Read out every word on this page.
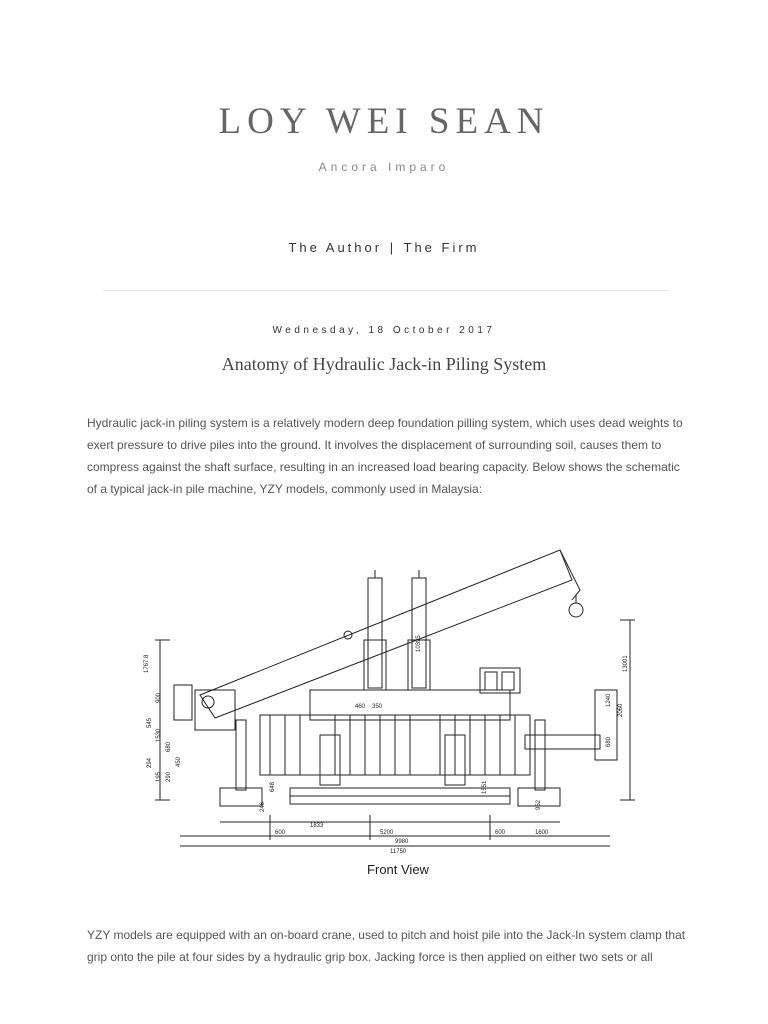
LOY WEI SEAN
Ancora Imparo
The Author | The Firm
Wednesday, 18 October 2017
Anatomy of Hydraulic Jack-in Piling System

Hydraulic jack-in piling system is a relatively modern deep foundation pilling system, which uses dead weights to exert pressure to drive piles into the ground. It involves the displacement of surrounding soil, causes them to compress against the shaft surface, resulting in an increased load bearing capacity. Below shows the schematic of a typical jack-in pile machine, YZY models, commonly used in Malaysia:

1767.8
900
545
1530
680
294
195 290
450
246
648
460 350
10395
13001
1240
2060
680
952
1551
1833
5200
9980
600	1600
600
11750
Front View

YZY models are equipped with an on-board crane, used to pitch and hoist pile into the Jack-In system clamp that grip onto the pile at four sides by a hydraulic grip box. Jacking force is then applied on either two sets or all
